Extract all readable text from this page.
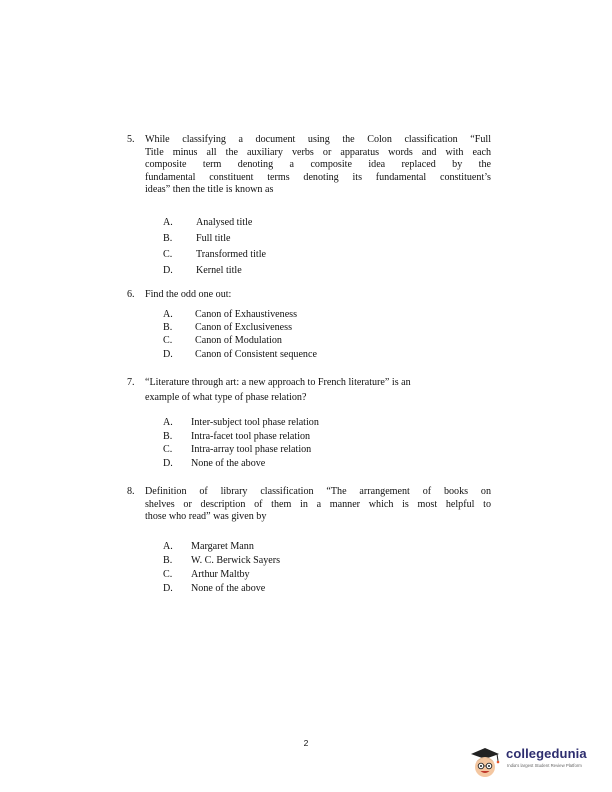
5. While classifying a document using the Colon classification “Full
Title minus all the auxiliary verbs or apparatus words and with each
composite term denoting a composite idea replaced by the
fundamental constituent terms denoting its fundamental constituent’s
ideas” then the title is known as
A. Analysed title
B. Full title
C. Transformed title
D. Kernel title
6. Find the odd one out:
A. Canon of Exhaustiveness
B. Canon of Exclusiveness
C. Canon of Modulation
D. Canon of Consistent sequence
7. “Literature through art: a new approach to French literature” is an
example of what type of phase relation?
A. Inter-subject tool phase relation
B. Intra-facet tool phase relation
C. Intra-array tool phase relation
D. None of the above
8. Definition of library classification “The arrangement of books on
shelves or description of them in a manner which is most helpful to
those who read” was given by
A. Margaret Mann
B. W. C. Berwick Sayers
C. Arthur Maltby
D. None of the above
2
collegedunia
India's largest Student Review Platform
